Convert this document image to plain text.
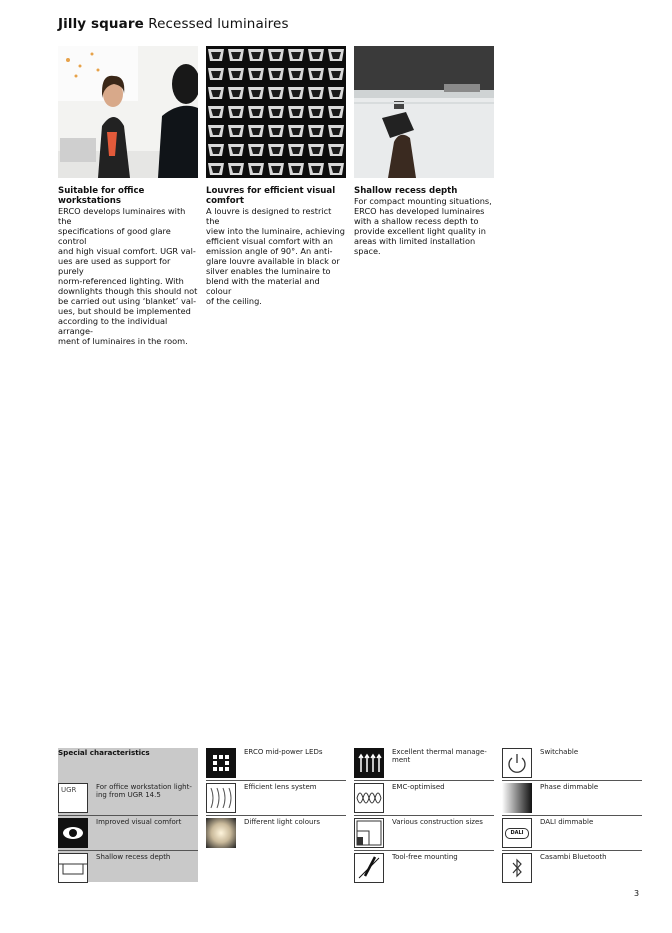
Jilly square Recessed luminaires
Suitable for office workstations

ERCO develops luminaires with the
specifications of good glare control
and high visual comfort. UGR val-
ues are used as support for purely
norm-referenced lighting. With
downlights though this should not
be carried out using ‘blanket’ val-
ues, but should be implemented
according to the individual arrange-
ment of luminaires in the room.

Louvres for efficient visual
comfort

A louvre is designed to restrict the
view into the luminaire, achieving
efficient visual comfort with an
emission angle of 90°. An anti-
glare louvre available in black or
silver enables the luminaire to
blend with the material and colour
of the ceiling.

Shallow recess depth

For compact mounting situations,
ERCO has developed luminaires
with a shallow recess depth to
provide excellent light quality in
areas with limited installation
space.

Special characteristics
UGR	For office workstation light-
ing from UGR 14.5
Improved visual comfort
Shallow recess depth
ERCO mid-power LEDs
Efficient lens system
Different light colours
Excellent thermal manage-
ment
EMC-optimised
Various construction sizes
Tool-free mounting
Switchable
Phase dimmable
DALI
DALI dimmable
Casambi Bluetooth
3
